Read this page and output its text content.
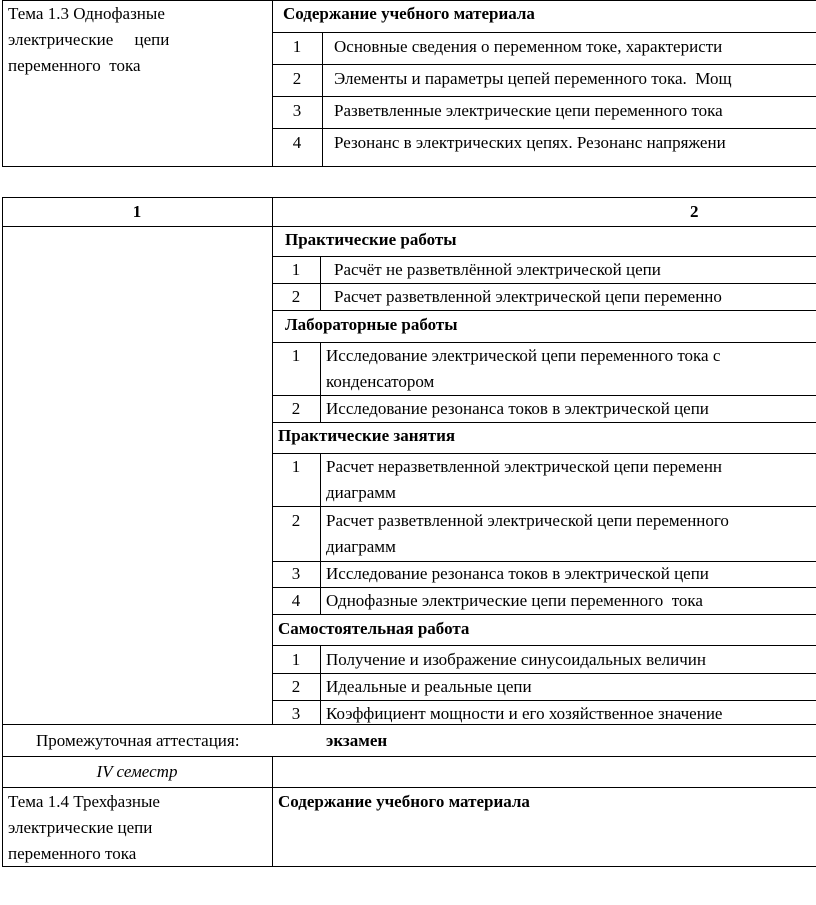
Тема 1.3 Однофазные
электрические     цепи
переменного  тока
Содержание учебного материала
1	Основные сведения о переменном токе, характеристи
2	Элементы и параметры цепей переменного тока.  Мощ
3	Разветвленные электрические цепи переменного тока
4	Резонанс в электрических цепях. Резонанс напряжени
1	2
Практические работы
1	Расчёт не разветвлённой электрической цепи
2	Расчет разветвленной электрической цепи переменно
Лабораторные работы
1	Исследование электрической цепи переменного тока с
конденсатором
2	Исследование резонанса токов в электрической цепи
Практические занятия
1	Расчет неразветвленной электрической цепи переменн
диаграмм
2	Расчет разветвленной электрической цепи переменного
диаграмм
3	Исследование резонанса токов в электрической цепи
4	Однофазные электрические цепи переменного  тока
Самостоятельная работа
1	Получение и изображение синусоидальных величин
2	Идеальные и реальные цепи
3	Коэффициент мощности и его хозяйственное значение
Промежуточная аттестация:	экзамен
IV семестр
Тема 1.4 Трехфазные
электрические цепи
переменного тока
Содержание учебного материала
